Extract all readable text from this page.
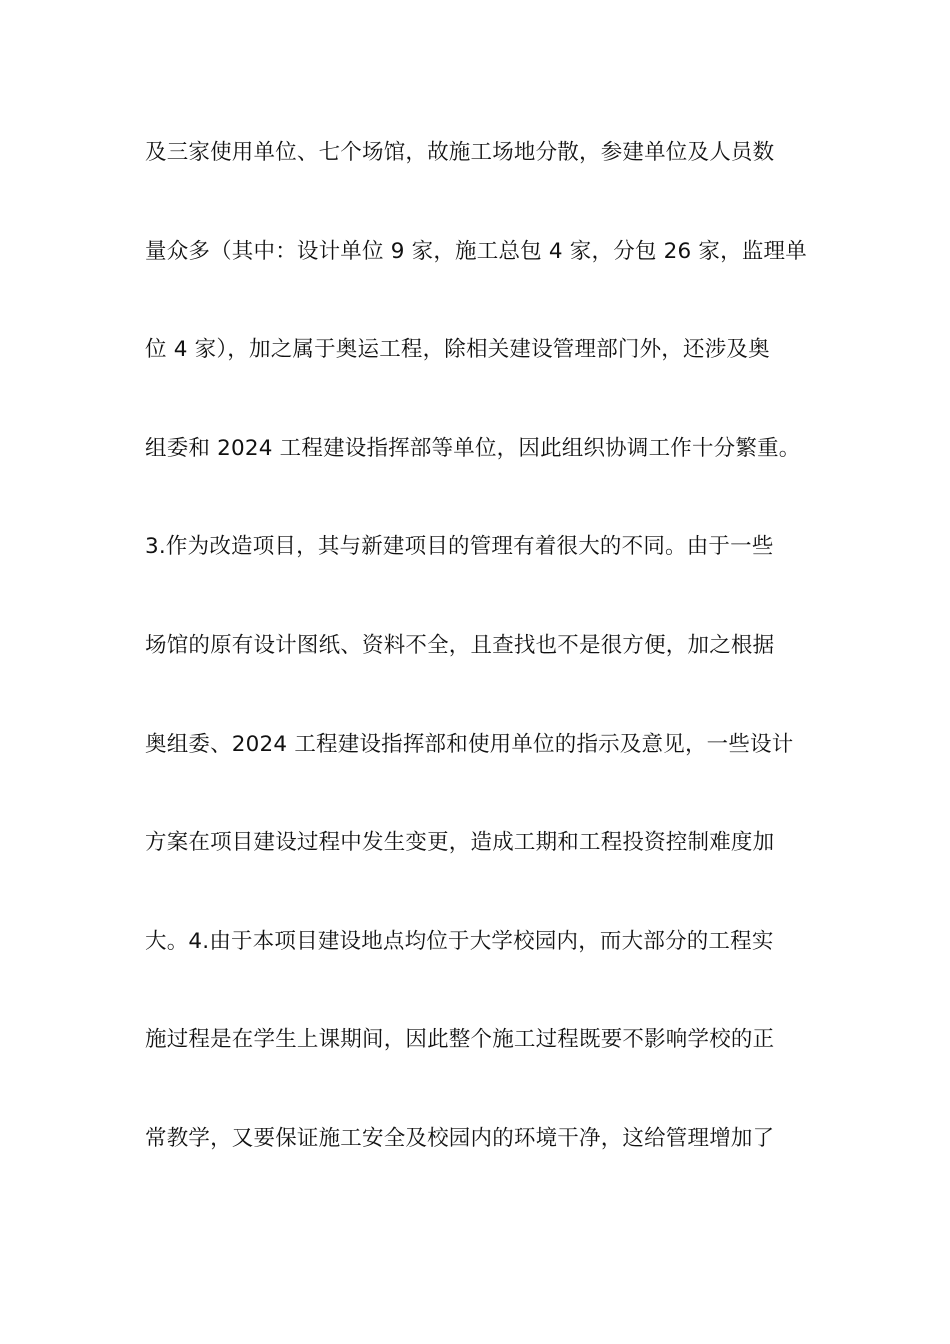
及三家使用单位、七个场馆，故施工场地分散，参建单位及人员数
量众多（其中：设计单位 9 家，施工总包 4 家，分包 26 家，监理单
位 4 家），加之属于奥运工程，除相关建设管理部门外，还涉及奥
组委和 2024 工程建设指挥部等单位，因此组织协调工作十分繁重。
3.作为改造项目，其与新建项目的管理有着很大的不同。由于一些
场馆的原有设计图纸、资料不全，且查找也不是很方便，加之根据
奥组委、2024 工程建设指挥部和使用单位的指示及意见，一些设计
方案在项目建设过程中发生变更，造成工期和工程投资控制难度加
大。4.由于本项目建设地点均位于大学校园内，而大部分的工程实
施过程是在学生上课期间，因此整个施工过程既要不影响学校的正
常教学，又要保证施工安全及校园内的环境干净，这给管理增加了
